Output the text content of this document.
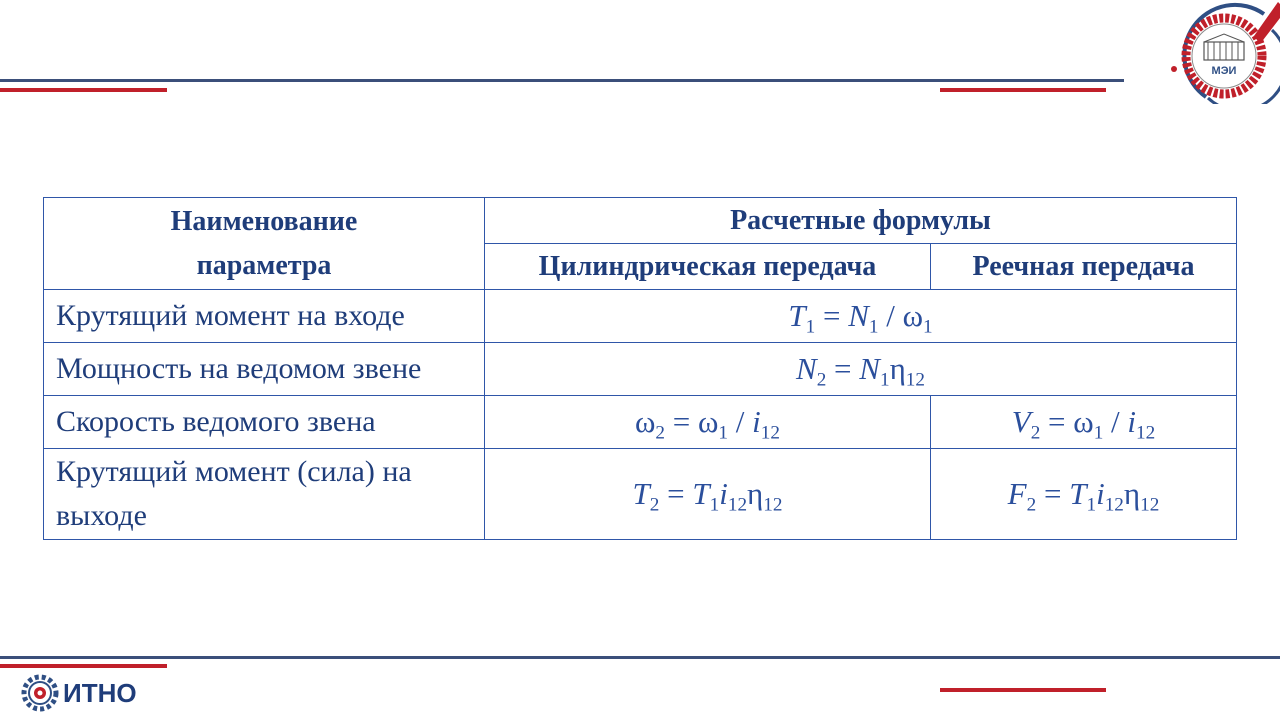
МЭИ
Наименование
параметра	Расчетные формулы	
	Цилиндрическая передача	Реечная передача
Крутящий момент на входе	$T_1 = N_1 / \omega_1$
Мощность на ведомом звене	$N_2 = N_1\eta_{12}$
Скорость ведомого звена	$\omega_2 = \omega_1 / i_{12}$	$V_2 = \omega_1 / i_{12}$

Крутящий момент (сила) на
выходе	$T_2 = T_1i_{12}\eta_{12}$	$F_2 = T_1i_{12}\eta_{12}$
ИТНО
